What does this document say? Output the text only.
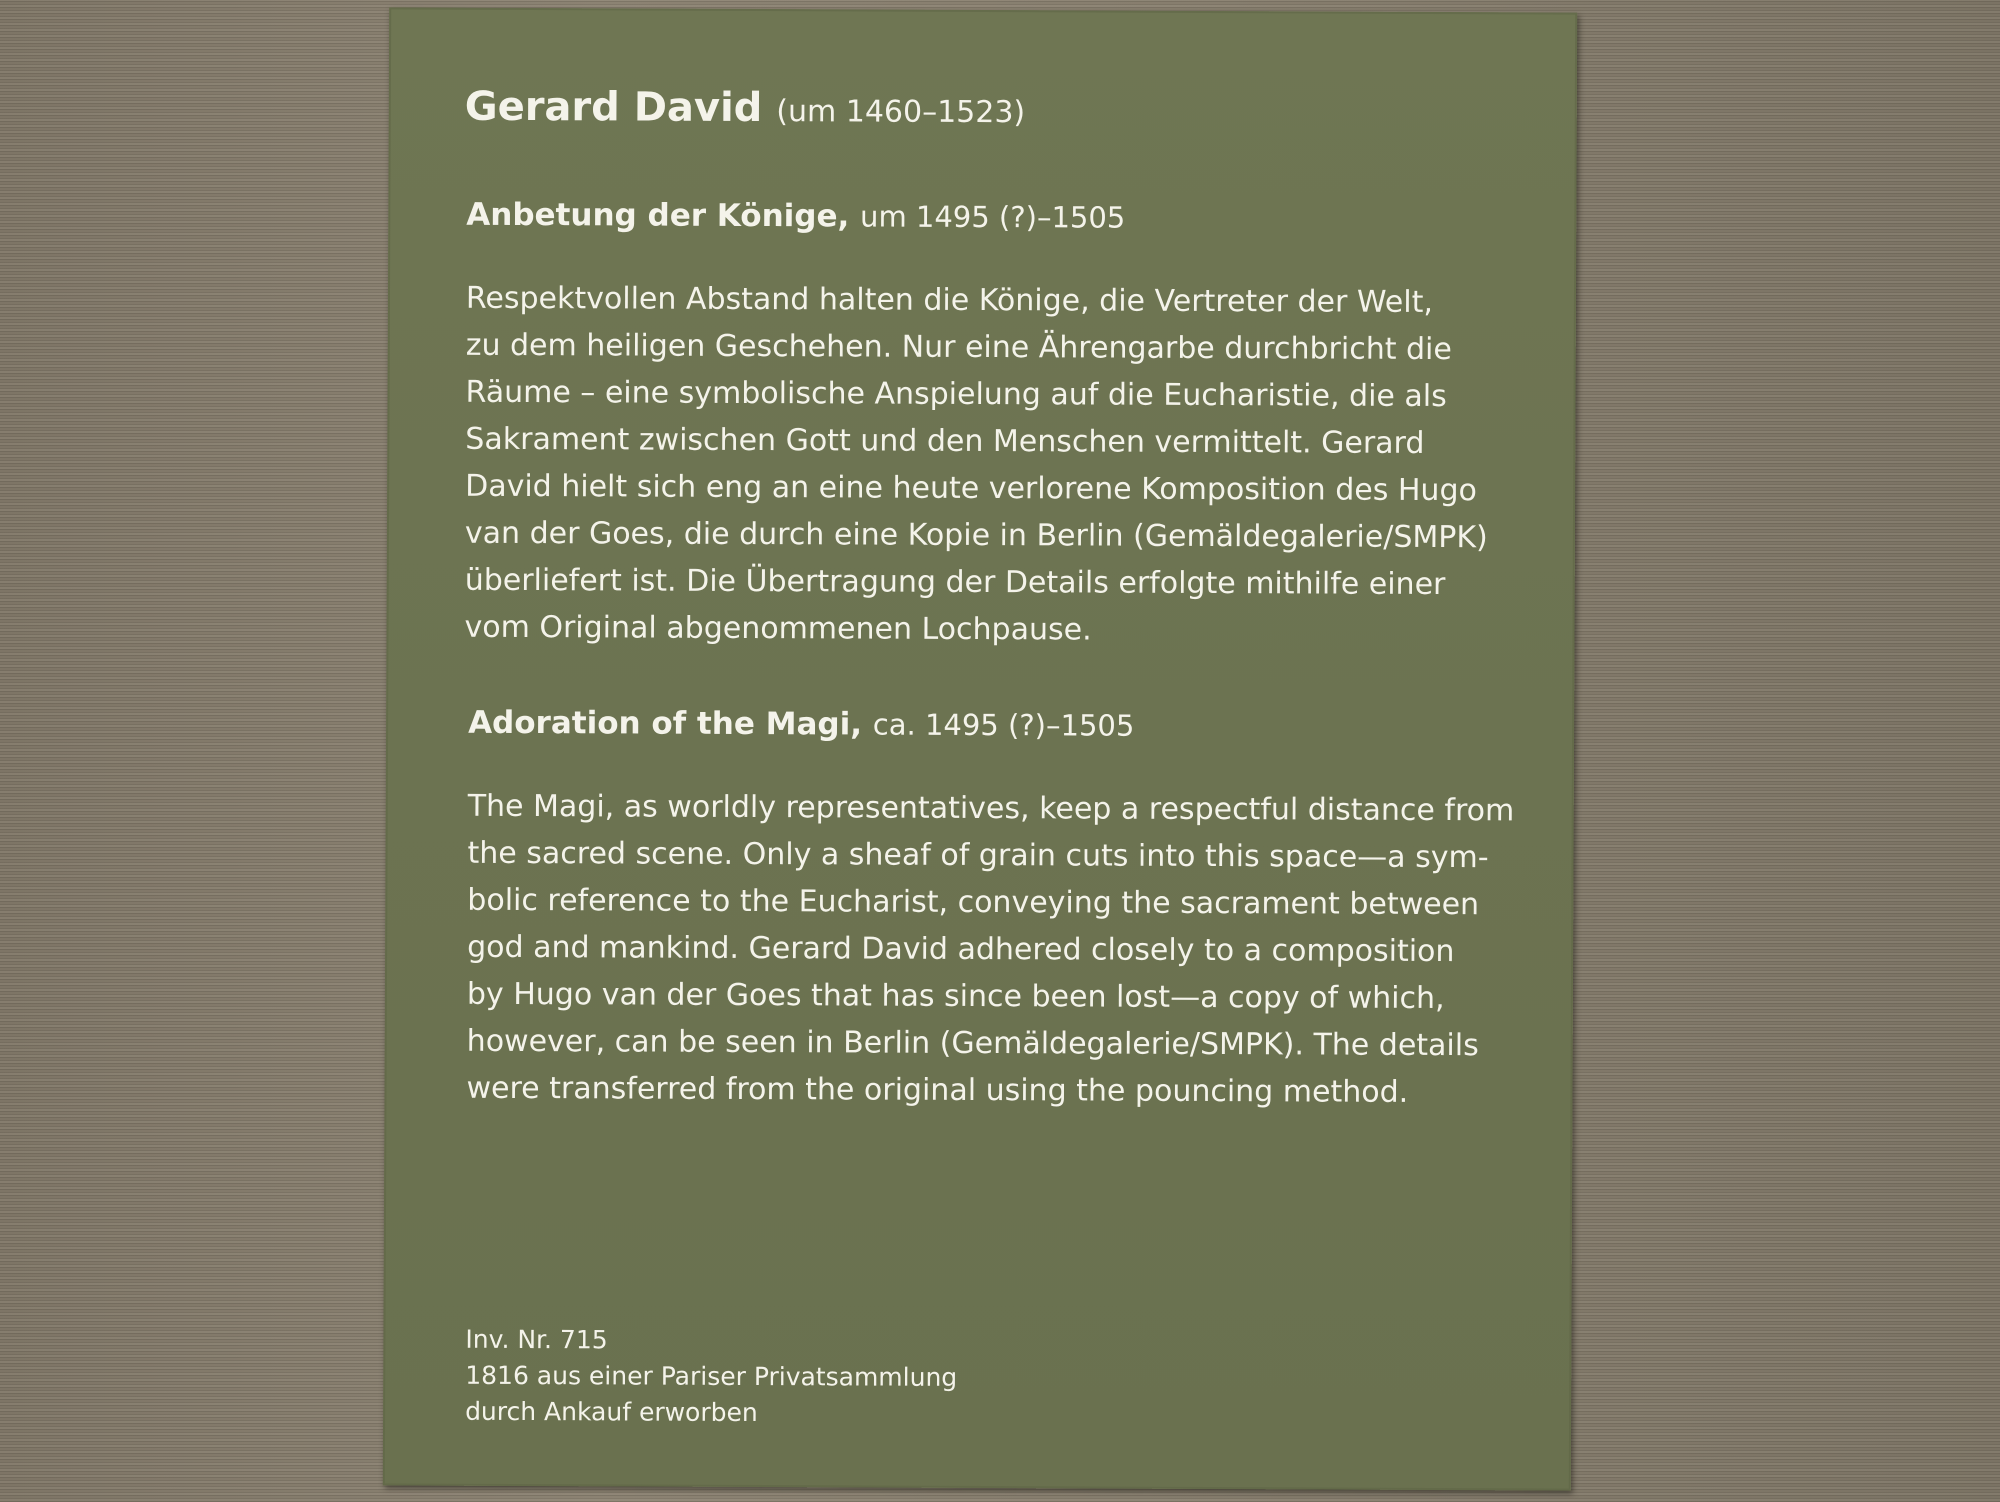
Gerard David (um 1460–1523)
Anbetung der Könige, um 1495 (?)–1505
Respektvollen Abstand halten die Könige, die Vertreter der Welt,
zu dem heiligen Geschehen. Nur eine Ährengarbe durchbricht die
Räume – eine symbolische Anspielung auf die Eucharistie, die als
Sakrament zwischen Gott und den Menschen vermittelt. Gerard
David hielt sich eng an eine heute verlorene Komposition des Hugo
van der Goes, die durch eine Kopie in Berlin (Gemäldegalerie/SMPK)
überliefert ist. Die Übertragung der Details erfolgte mithilfe einer
vom Original abgenommenen Lochpause.
Adoration of the Magi, ca. 1495 (?)–1505
The Magi, as worldly representatives, keep a respectful distance from
the sacred scene. Only a sheaf of grain cuts into this space—a sym-
bolic reference to the Eucharist, conveying the sacrament between
god and mankind. Gerard David adhered closely to a composition
by Hugo van der Goes that has since been lost—a copy of which,
however, can be seen in Berlin (Gemäldegalerie/SMPK). The details
were transferred from the original using the pouncing method.
Inv. Nr. 715
1816 aus einer Pariser Privatsammlung
durch Ankauf erworben
